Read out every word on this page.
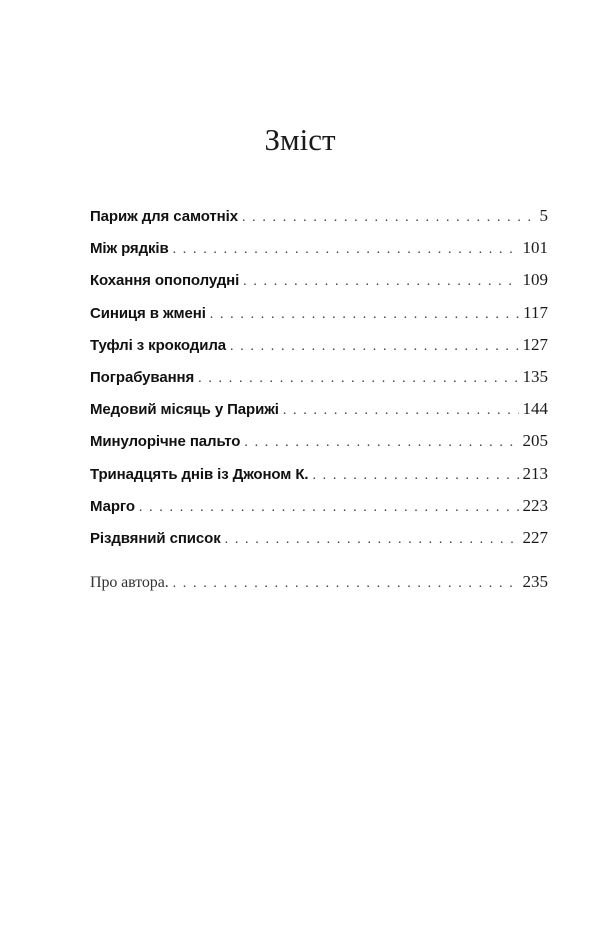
Зміст
Париж для самотніх . . .	5
Між рядків . . .	101
Кохання опополудні . . .	109
Синиця в жмені . . .	117
Туфлі з крокодила . . .	127
Пограбування . . .	135
Медовий місяць у Парижі . . .	144
Минулорічне пальто . . .	205
Тринадцять днів із Джоном К. . . .	213
Марго . . .	223
Різдвяний список . . .	227
Про автора. . . .	235
